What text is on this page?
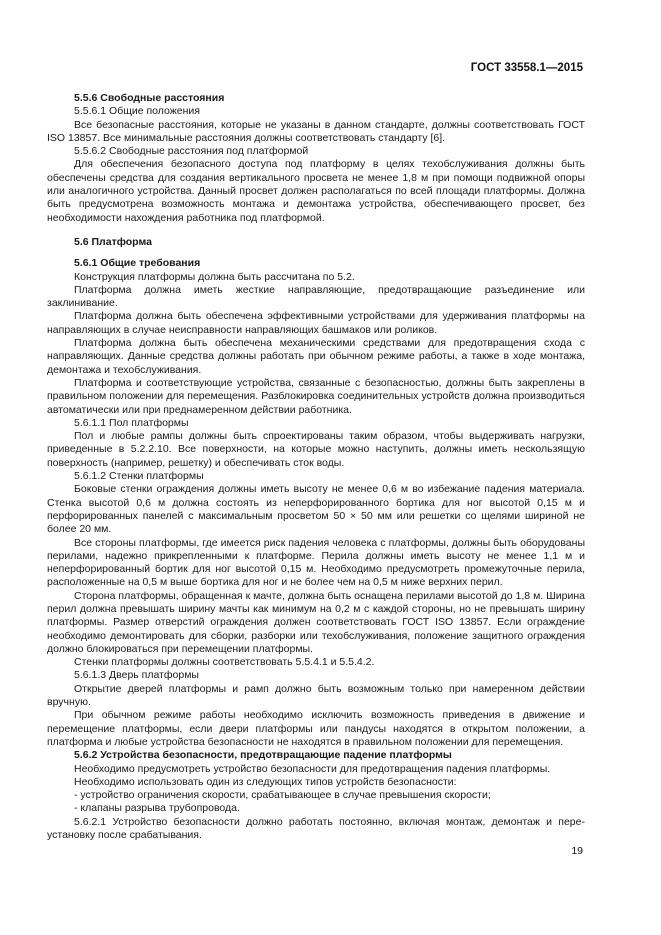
ГОСТ 33558.1—2015

5.5.6 Свободные расстояния

5.5.6.1 Общие положения

Все безопасные расстояния, которые не указаны в данном стандарте, должны соответствовать ГОСТ ISO 13857. Все минимальные расстояния должны соответствовать стандарту [6].

5.5.6.2 Свободные расстояния под платформой

Для обеспечения безопасного доступа под платформу в целях техобслуживания должны быть обеспечены средства для создания вертикального просвета не менее 1,8 м при помощи подвижной опоры или аналогичного устройства. Данный просвет должен располагаться по всей площади платформы. Должна быть предусмотрена возможность монтажа и демонтажа устройства, обеспечивающего просвет, без необходимости нахождения работника под платформой.

5.6 Платформа

5.6.1 Общие требования

Конструкция платформы должна быть рассчитана по 5.2.

Платформа должна иметь жесткие направляющие, предотвращающие разъединение или заклинивание.

Платформа должна быть обеспечена эффективными устройствами для удерживания платформы на направляющих в случае неисправности направляющих башмаков или роликов.

Платформа должна быть обеспечена механическими средствами для предотвращения схода с направляющих. Данные средства должны работать при обычном режиме работы, а также в ходе монтажа, демонтажа и техобслуживания.

Платформа и соответствующие устройства, связанные с безопасностью, должны быть закреплены в правильном положении для перемещения. Разблокировка соединительных устройств должна производиться автоматически или при преднамеренном действии работника.

5.6.1.1 Пол платформы

Пол и любые рампы должны быть спроектированы таким образом, чтобы выдерживать нагрузки, приведенные в 5.2.2.10. Все поверхности, на которые можно наступить, должны иметь нескользящую поверхность (например, решетку) и обеспечивать сток воды.

5.6.1.2 Стенки платформы

Боковые стенки ограждения должны иметь высоту не менее 0,6 м во избежание падения материала. Стенка высотой 0,6 м должна состоять из неперфорированного бортика для ног высотой 0,15 м и перфорированных панелей с максимальным просветом 50 × 50 мм или решетки со щелями шириной не более 20 мм.

Все стороны платформы, где имеется риск падения человека с платформы, должны быть оборудованы перилами, надежно прикрепленными к платформе. Перила должны иметь высоту не менее 1,1 м и неперфорированный бортик для ног высотой 0,15 м. Необходимо предусмотреть промежуточные перила, расположенные на 0,5 м выше бортика для ног и не более чем на 0,5 м ниже верхних перил.

Сторона платформы, обращенная к мачте, должна быть оснащена перилами высотой до 1,8 м. Ширина перил должна превышать ширину мачты как минимум на 0,2 м с каждой стороны, но не превышать ширину платформы. Размер отверстий ограждения должен соответствовать ГОСТ ISO 13857. Если ограждение необходимо демонтировать для сборки, разборки или техобслуживания, положение защитного ограждения должно блокироваться при перемещении платформы.

Стенки платформы должны соответствовать 5.5.4.1 и 5.5.4.2.

5.6.1.3 Дверь платформы

Открытие дверей платформы и рамп должно быть возможным только при намеренном действии вручную.

При обычном режиме работы необходимо исключить возможность приведения в движение и перемещение платформы, если двери платформы или пандусы находятся в открытом положении, а платформа и любые устройства безопасности не находятся в правильном положении для перемещения.

5.6.2 Устройства безопасности, предотвращающие падение платформы

Необходимо предусмотреть устройство безопасности для предотвращения падения платформы.

Необходимо использовать один из следующих типов устройств безопасности:

- устройство ограничения скорости, срабатывающее в случае превышения скорости;

- клапаны разрыва трубопровода.

5.6.2.1 Устройство безопасности должно работать постоянно, включая монтаж, демонтаж и пере-установку после срабатывания.

19
